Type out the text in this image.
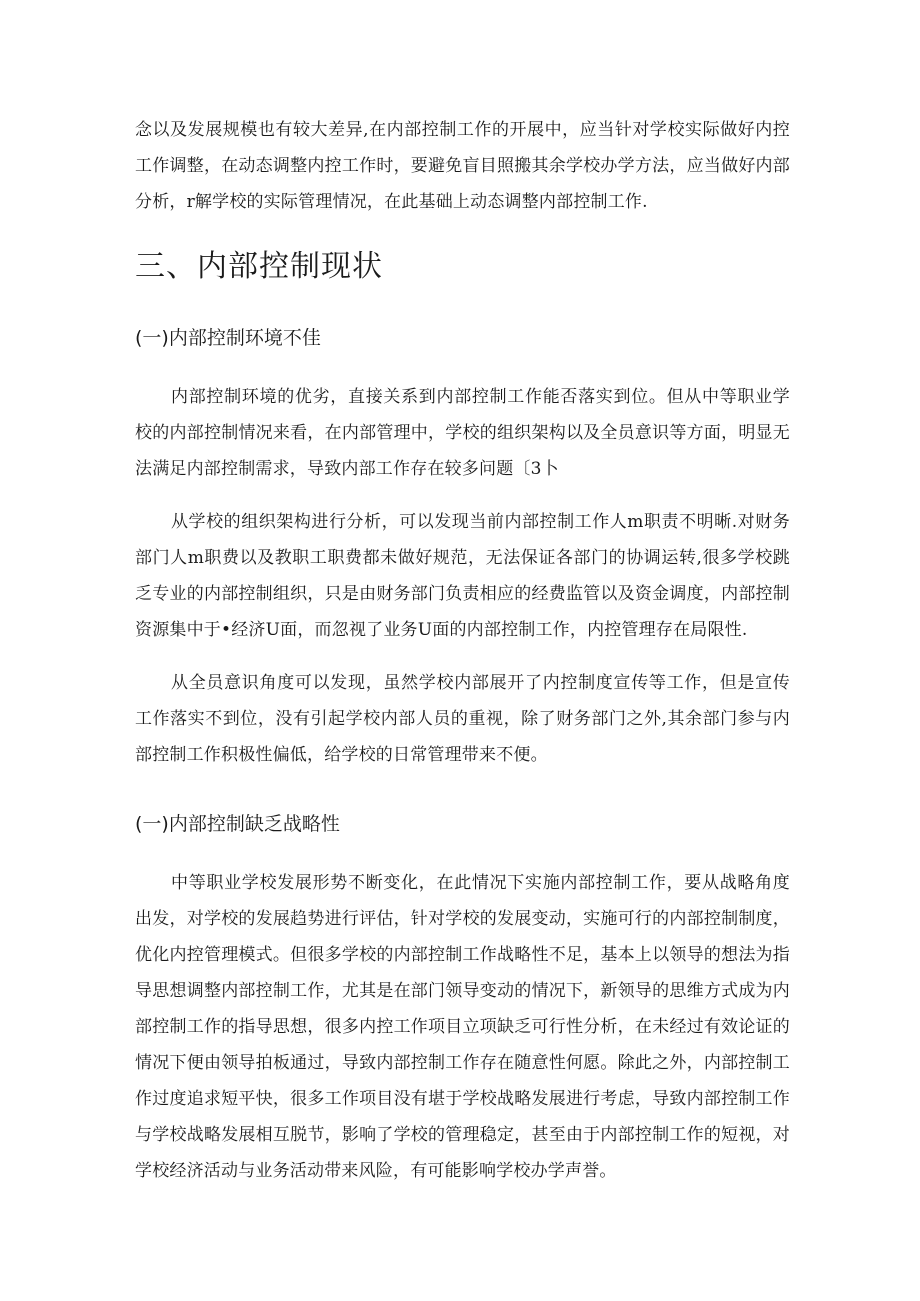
念以及发展规模也有较大差异,在内部控制工作的开展中，应当针对学校实际做好内控工作调整，在动态调整内控工作时，要避免盲目照搬其余学校办学方法，应当做好内部分析，r解学校的实际管理情况，在此基础上动态调整内部控制工作.

三、内部控制现状
(一)内部控制环境不佳

内部控制环境的优劣，直接关系到内部控制工作能否落实到位。但从中等职业学校的内部控制情况来看，在内部管理中，学校的组织架构以及全员意识等方面，明显无法满足内部控制需求，导致内部工作存在较多问题〔3卜

从学校的组织架构进行分析，可以发现当前内部控制工作人m职责不明晰.对财务部门人m职费以及教职工职费都未做好规范，无法保证各部门的协调运转,很多学校跳乏专业的内部控制组织，只是由财务部门负责相应的经费监管以及资金调度，内部控制资源集中于•经济U面，而忽视了业务U面的内部控制工作，内控管理存在局限性.

从全员意识角度可以发现，虽然学校内部展开了内控制度宣传等工作，但是宣传工作落实不到位，没有引起学校内部人员的重视，除了财务部门之外,其余部门参与内部控制工作积极性偏低，给学校的日常管理带来不便。

(一)内部控制缺乏战略性

中等职业学校发展形势不断变化，在此情况下实施内部控制工作，要从战略角度出发，对学校的发展趋势进行评估，针对学校的发展变动，实施可行的内部控制制度，优化内控管理模式。但很多学校的内部控制工作战略性不足，基本上以领导的想法为指导思想调整内部控制工作，尤其是在部门领导变动的情况下，新领导的思维方式成为内部控制工作的指导思想，很多内控工作项目立项缺乏可行性分析，在未经过有效论证的情况下便由领导拍板通过，导致内部控制工作存在随意性何愿。除此之外，内部控制工作过度追求短平快，很多工作项目没有堪于学校战略发展进行考虑，导致内部控制工作与学校战略发展相互脱节，影响了学校的管理稳定，甚至由于内部控制工作的短视，对学校经济活动与业务活动带来风险，有可能影响学校办学声誉。
